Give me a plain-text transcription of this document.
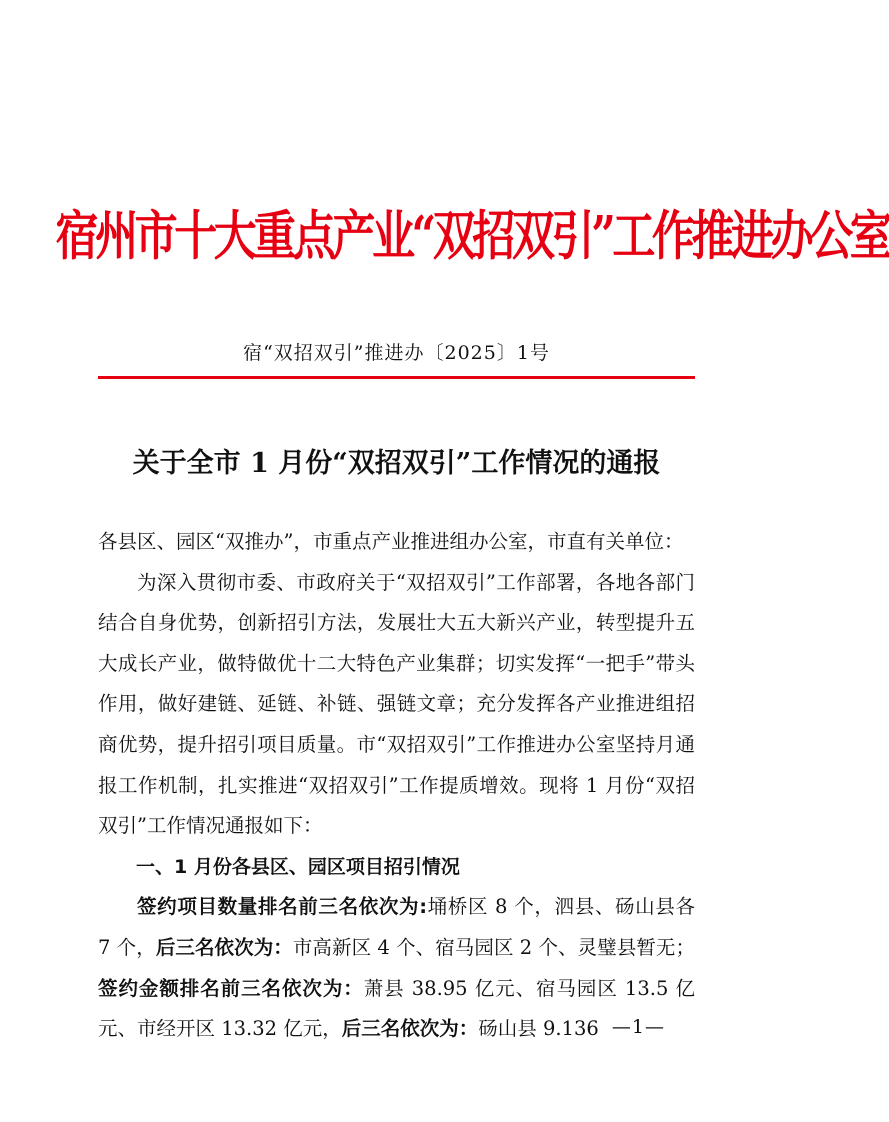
宿州市十大重点产业“双招双引”工作推进办公室
宿“双招双引”推进办〔2025〕1号
关于全市 1 月份“双招双引”工作情况的通报

各县区、园区“双推办”，市重点产业推进组办公室，市直有关单位：

为深入贯彻市委、市政府关于“双招双引”工作部署，各地各部门结合自身优势，创新招引方法，发展壮大五大新兴产业，转型提升五大成长产业，做特做优十二大特色产业集群；切实发挥“一把手”带头作用，做好建链、延链、补链、强链文章；充分发挥各产业推进组招商优势，提升招引项目质量。市“双招双引”工作推进办公室坚持月通报工作机制，扎实推进“双招双引”工作提质增效。现将 1 月份“双招双引”工作情况通报如下：

一、1 月份各县区、园区项目招引情况

签约项目数量排名前三名依次为:埇桥区 8 个，泗县、砀山县各 7 个，后三名依次为：市高新区 4 个、宿马园区 2 个、灵璧县暂无；签约金额排名前三名依次为：萧县 38.95 亿元、宿马园区 13.5 亿元、市经开区 13.32 亿元，后三名依次为：砀山县 9.136 —1—
